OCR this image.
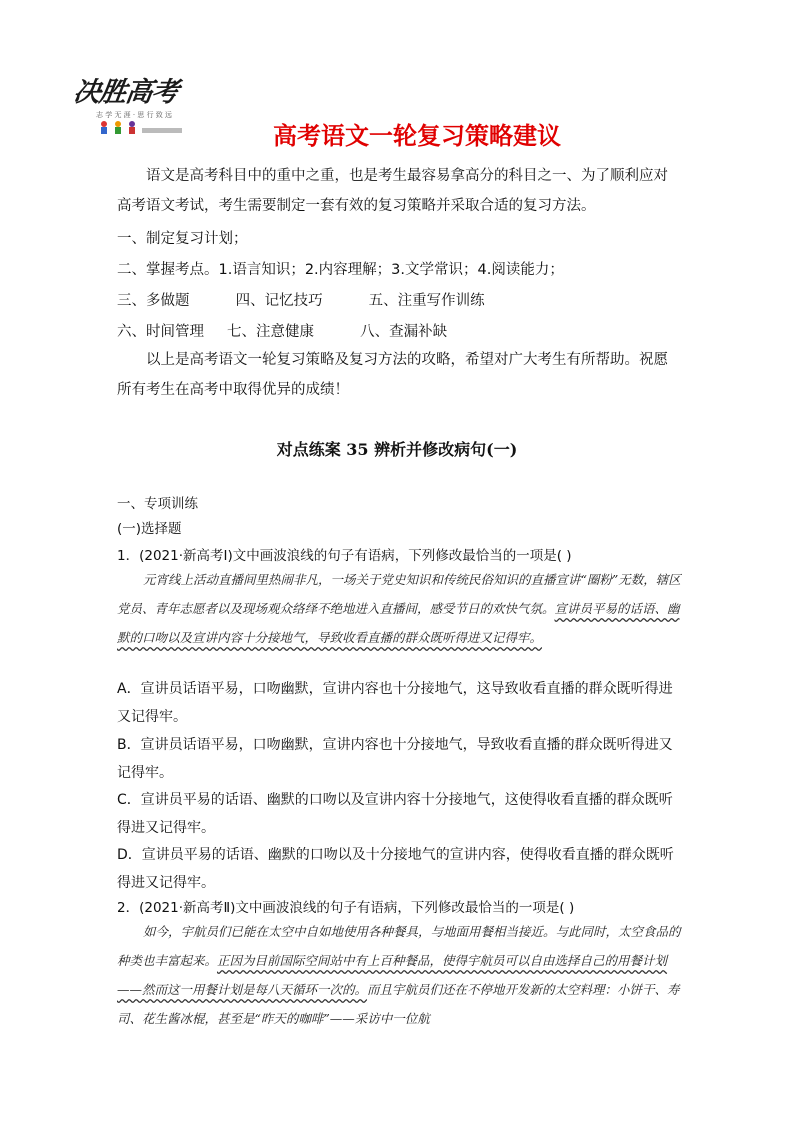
决胜高考
志 学 无 涯 · 思 行 致 远
高考语文一轮复习策略建议

语文是高考科目中的重中之重，也是考生最容易拿高分的科目之一、为了顺利应对高考语文考试，考生需要制定一套有效的复习策略并采取合适的复习方法。

一、制定复习计划；
二、掌握考点。1.语言知识；2.内容理解；3.文学常识；4.阅读能力；
三、多做题          四、记忆技巧          五、注重写作训练
六、时间管理     七、注意健康          八、查漏补缺

以上是高考语文一轮复习策略及复习方法的攻略，希望对广大考生有所帮助。祝愿所有考生在高考中取得优异的成绩！

对点练案 35 辨析并修改病句(一)
一、专项训练
(一)选择题
1．(2021·新高考Ⅰ)文中画波浪线的句子有语病，下列修改最恰当的一项是( )

元宵线上活动直播间里热闹非凡，一场关于党史知识和传统民俗知识的直播宣讲“圈粉”无数，辖区党员、青年志愿者以及现场观众络绎不绝地进入直播间，感受节日的欢快气氛。宣讲员平易的话语、幽默的口吻以及宣讲内容十分接地气，导致收看直播的群众既听得进又记得牢。

A．宣讲员话语平易，口吻幽默，宣讲内容也十分接地气，这导致收看直播的群众既听得进又记得牢。

B．宣讲员话语平易，口吻幽默，宣讲内容也十分接地气，导致收看直播的群众既听得进又记得牢。

C．宣讲员平易的话语、幽默的口吻以及宣讲内容十分接地气，这使得收看直播的群众既听得进又记得牢。

D．宣讲员平易的话语、幽默的口吻以及十分接地气的宣讲内容，使得收看直播的群众既听得进又记得牢。

2．(2021·新高考Ⅱ)文中画波浪线的句子有语病，下列修改最恰当的一项是( )

如今，宇航员们已能在太空中自如地使用各种餐具，与地面用餐相当接近。与此同时，太空食品的种类也丰富起来。正因为目前国际空间站中有上百种餐品，使得宇航员可以自由选择自己的用餐计划——然而这一用餐计划是每八天循环一次的。而且宇航员们还在不停地开发新的太空料理：小饼干、寿司、花生酱冰棍，甚至是“昨天的咖啡”——采访中一位航
